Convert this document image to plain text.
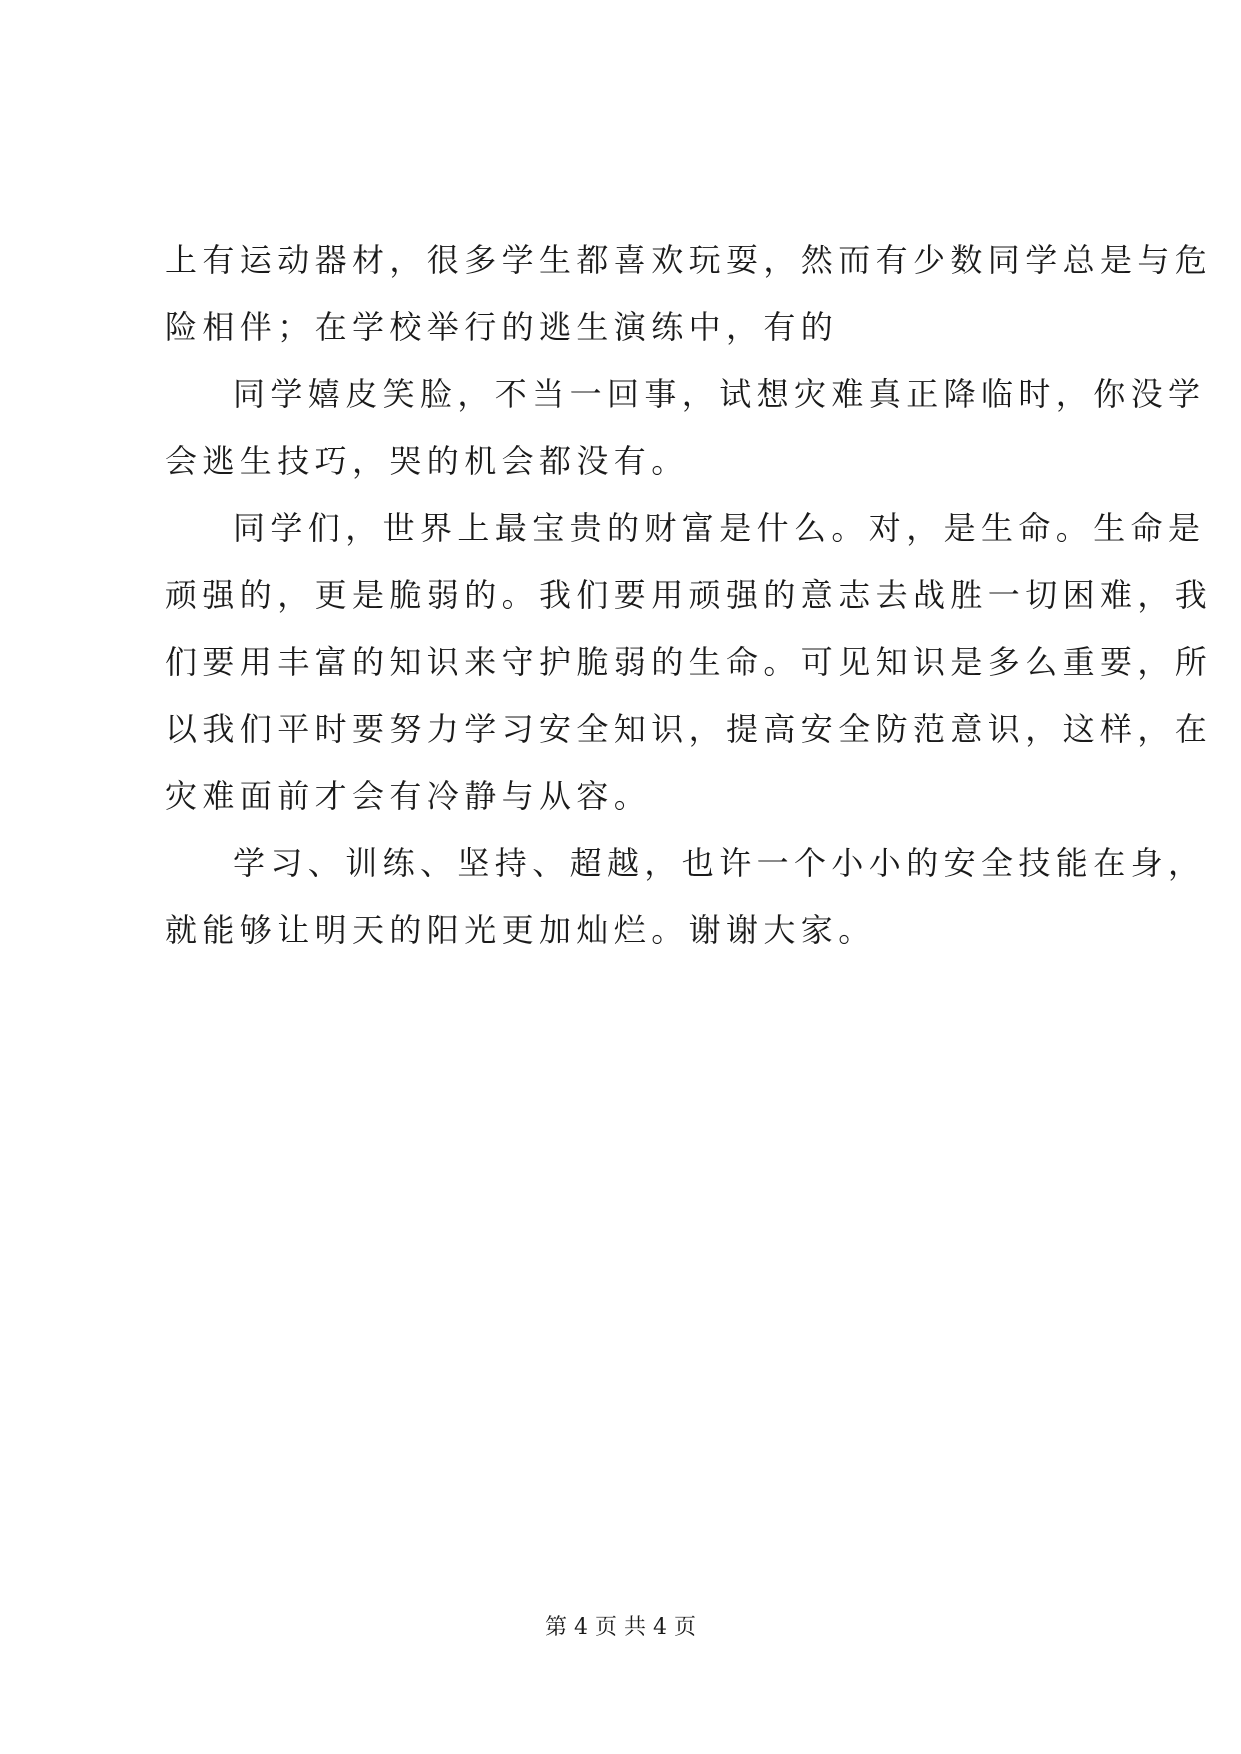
上有运动器材，很多学生都喜欢玩耍，然而有少数同学总是与危
险相伴；在学校举行的逃生演练中，有的
同学嬉皮笑脸，不当一回事，试想灾难真正降临时，你没学
会逃生技巧，哭的机会都没有。
同学们，世界上最宝贵的财富是什么。对，是生命。生命是
顽强的，更是脆弱的。我们要用顽强的意志去战胜一切困难，我
们要用丰富的知识来守护脆弱的生命。可见知识是多么重要，所
以我们平时要努力学习安全知识，提高安全防范意识，这样，在
灾难面前才会有冷静与从容。
学习、训练、坚持、超越，也许一个小小的安全技能在身，
就能够让明天的阳光更加灿烂。谢谢大家。
第 4 页 共 4 页
